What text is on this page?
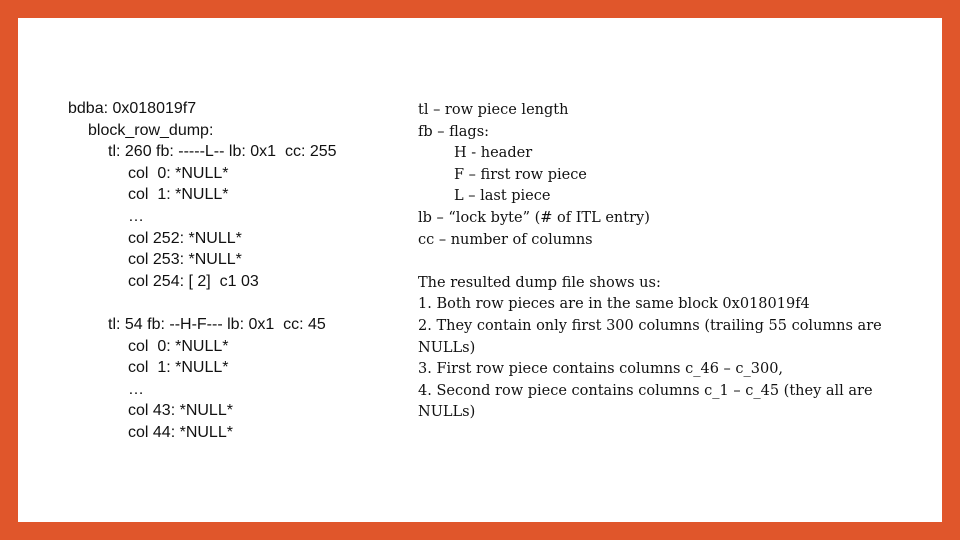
bdba: 0x018019f7
block_row_dump:
tl: 260 fb: -----L-- lb: 0x1  cc: 255
col  0: *NULL*
col  1: *NULL*
…
col 252: *NULL*
col 253: *NULL*
col 254: [ 2]  c1 03
tl: 54 fb: --H-F--- lb: 0x1  cc: 45
col  0: *NULL*
col  1: *NULL*
…
col 43: *NULL*
col 44: *NULL*
tl – row piece length
fb – flags:
H - header
F – first row piece
L – last piece
lb – “lock byte” (# of ITL entry)
cc – number of columns
The resulted dump file shows us:
1. Both row pieces are in the same block 0x018019f4
2. They contain only first 300 columns (trailing 55 columns are NULLs)
3. First row piece contains columns c_46 – c_300,
4. Second row piece contains columns c_1 – c_45 (they all are NULLs)
